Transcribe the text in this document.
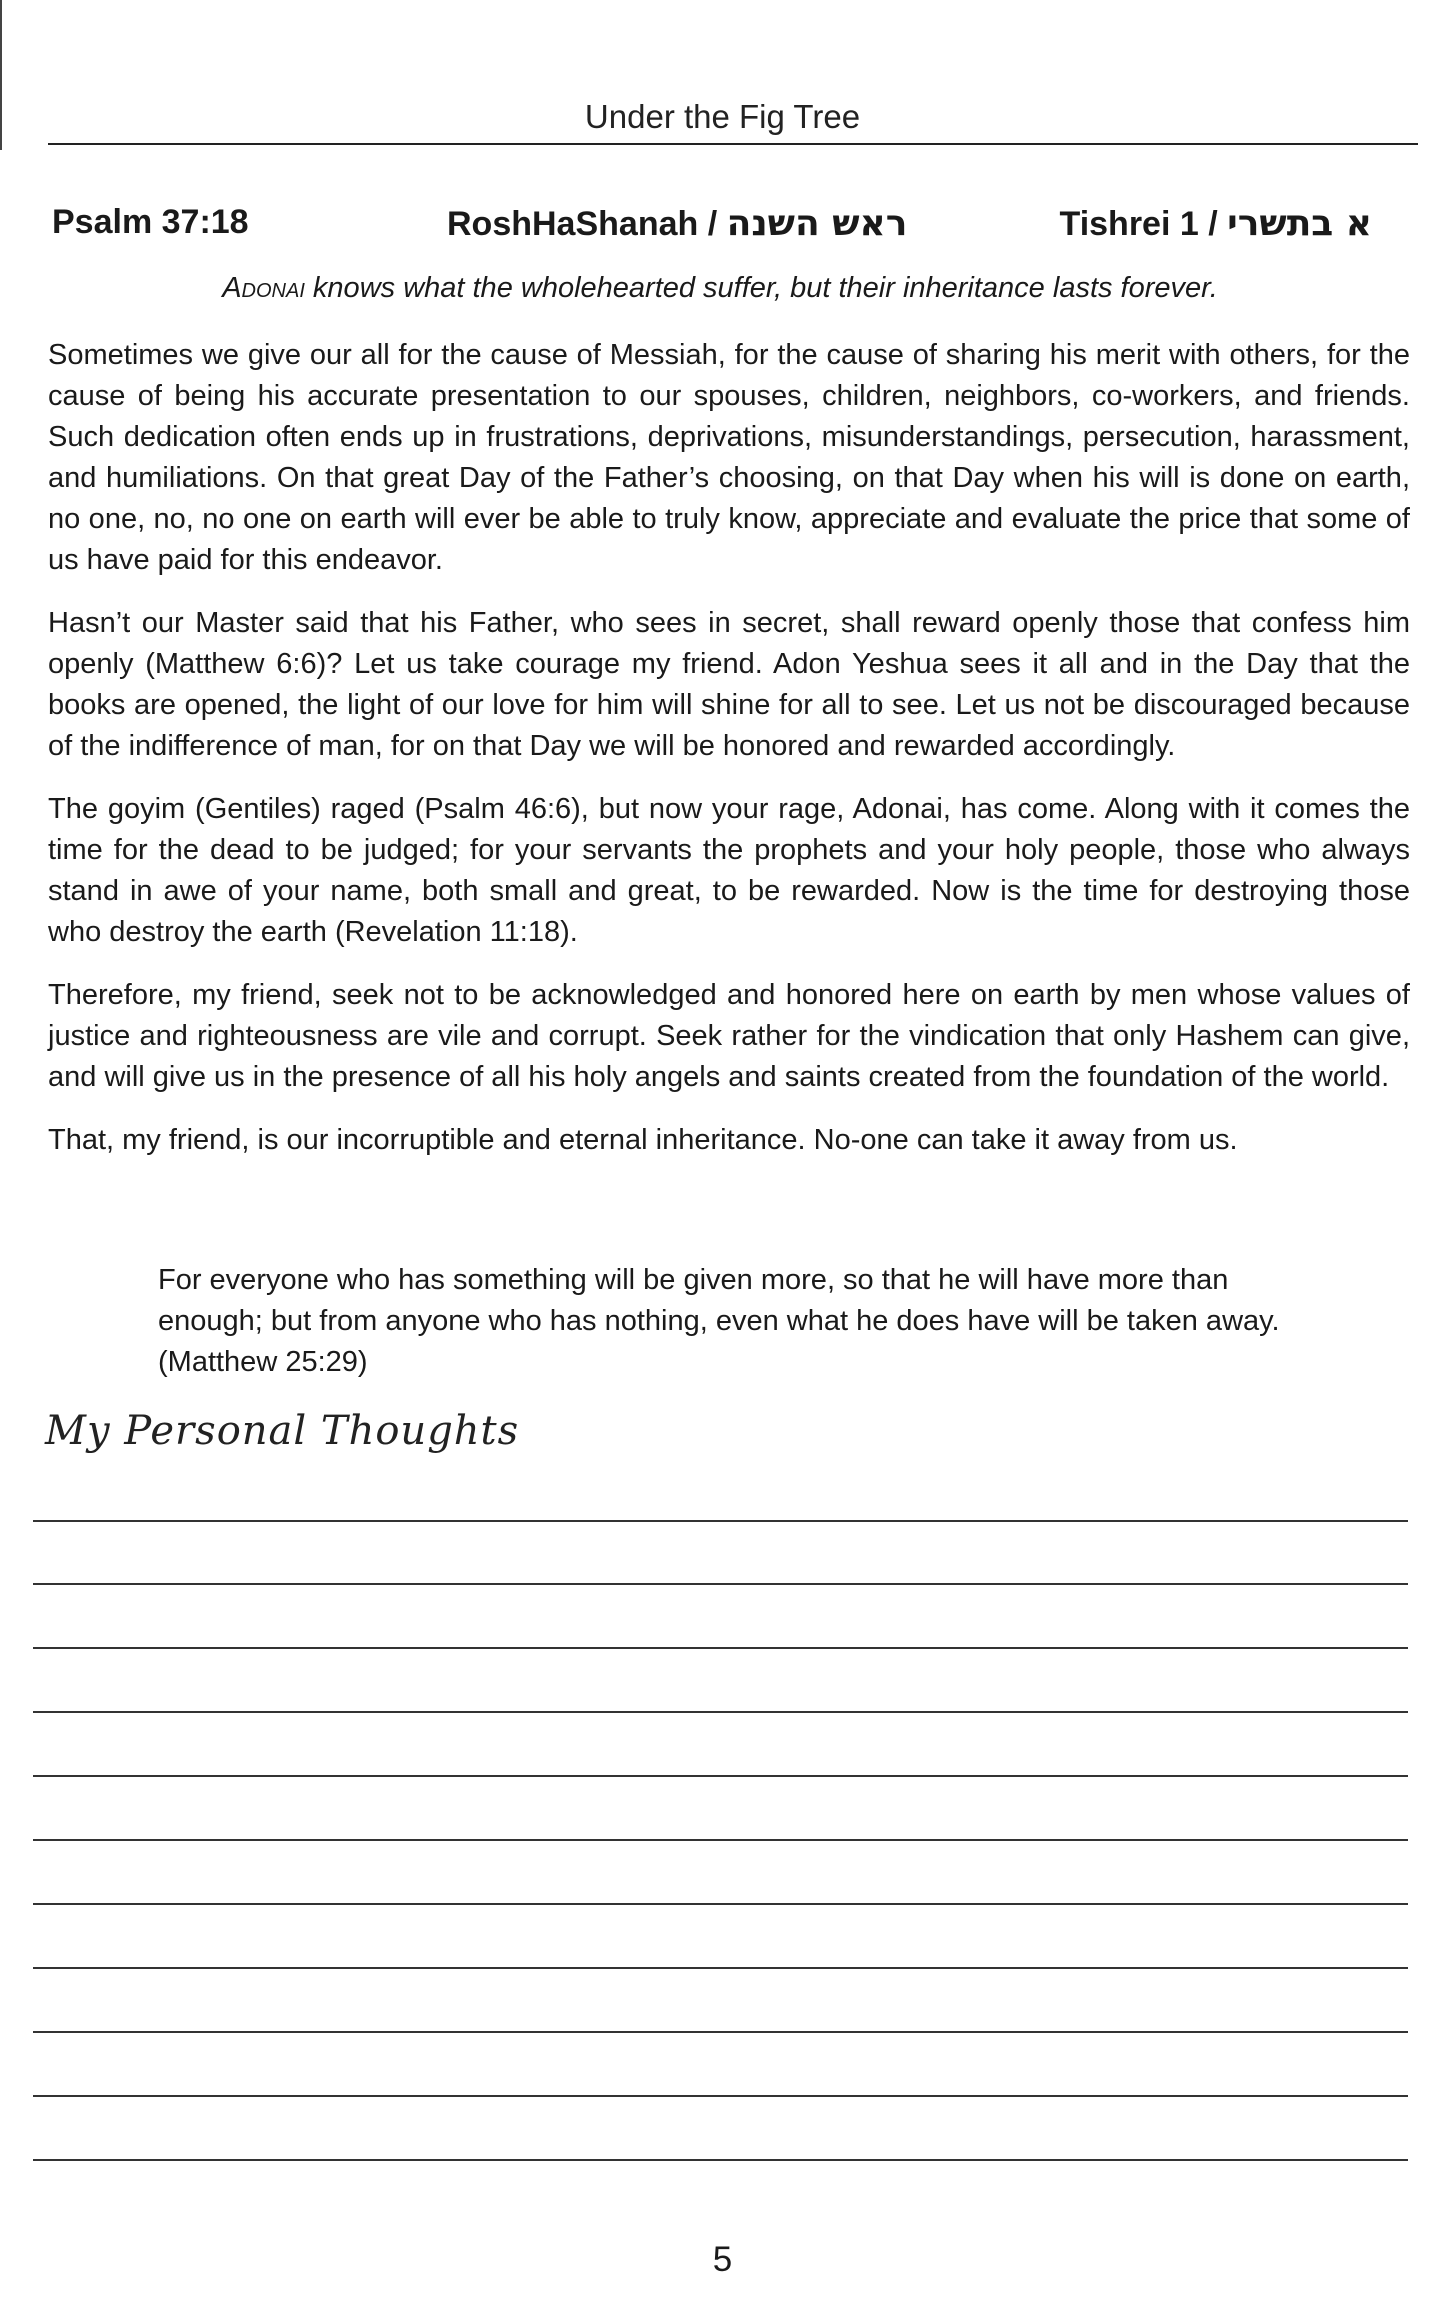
Under the Fig Tree
Psalm 37:18	RoshHaShanah / ראש השנה	Tishrei 1 / א בתשרי
Adonai knows what the wholehearted suffer, but their inheritance lasts forever.

Sometimes we give our all for the cause of Messiah, for the cause of sharing his merit with others, for the cause of being his accurate presentation to our spouses, children, neighbors, co-workers, and friends. Such dedication often ends up in frustrations, deprivations, misunderstandings, persecution, harassment, and humiliations. On that great Day of the Father’s choosing, on that Day when his will is done on earth, no one, no, no one on earth will ever be able to truly know, appreciate and evaluate the price that some of us have paid for this endeavor.

Hasn’t our Master said that his Father, who sees in secret, shall reward openly those that confess him openly (Matthew 6:6)? Let us take courage my friend. Adon Yeshua sees it all and in the Day that the books are opened, the light of our love for him will shine for all to see. Let us not be discouraged because of the indifference of man, for on that Day we will be honored and rewarded accordingly.

The goyim (Gentiles) raged (Psalm 46:6), but now your rage, Adonai, has come. Along with it comes the time for the dead to be judged; for your servants the prophets and your holy people, those who always stand in awe of your name, both small and great, to be rewarded. Now is the time for destroying those who destroy the earth (Revelation 11:18).

Therefore, my friend, seek not to be acknowledged and honored here on earth by men whose values of justice and righteousness are vile and corrupt. Seek rather for the vindication that only Hashem can give, and will give us in the presence of all his holy angels and saints created from the foundation of the world.

That, my friend, is our incorruptible and eternal inheritance. No-one can take it away from us.

For everyone who has something will be given more, so that he will have more than enough; but from anyone who has nothing, even what he does have will be taken away. (Matthew 25:29)
My Personal Thoughts
5
